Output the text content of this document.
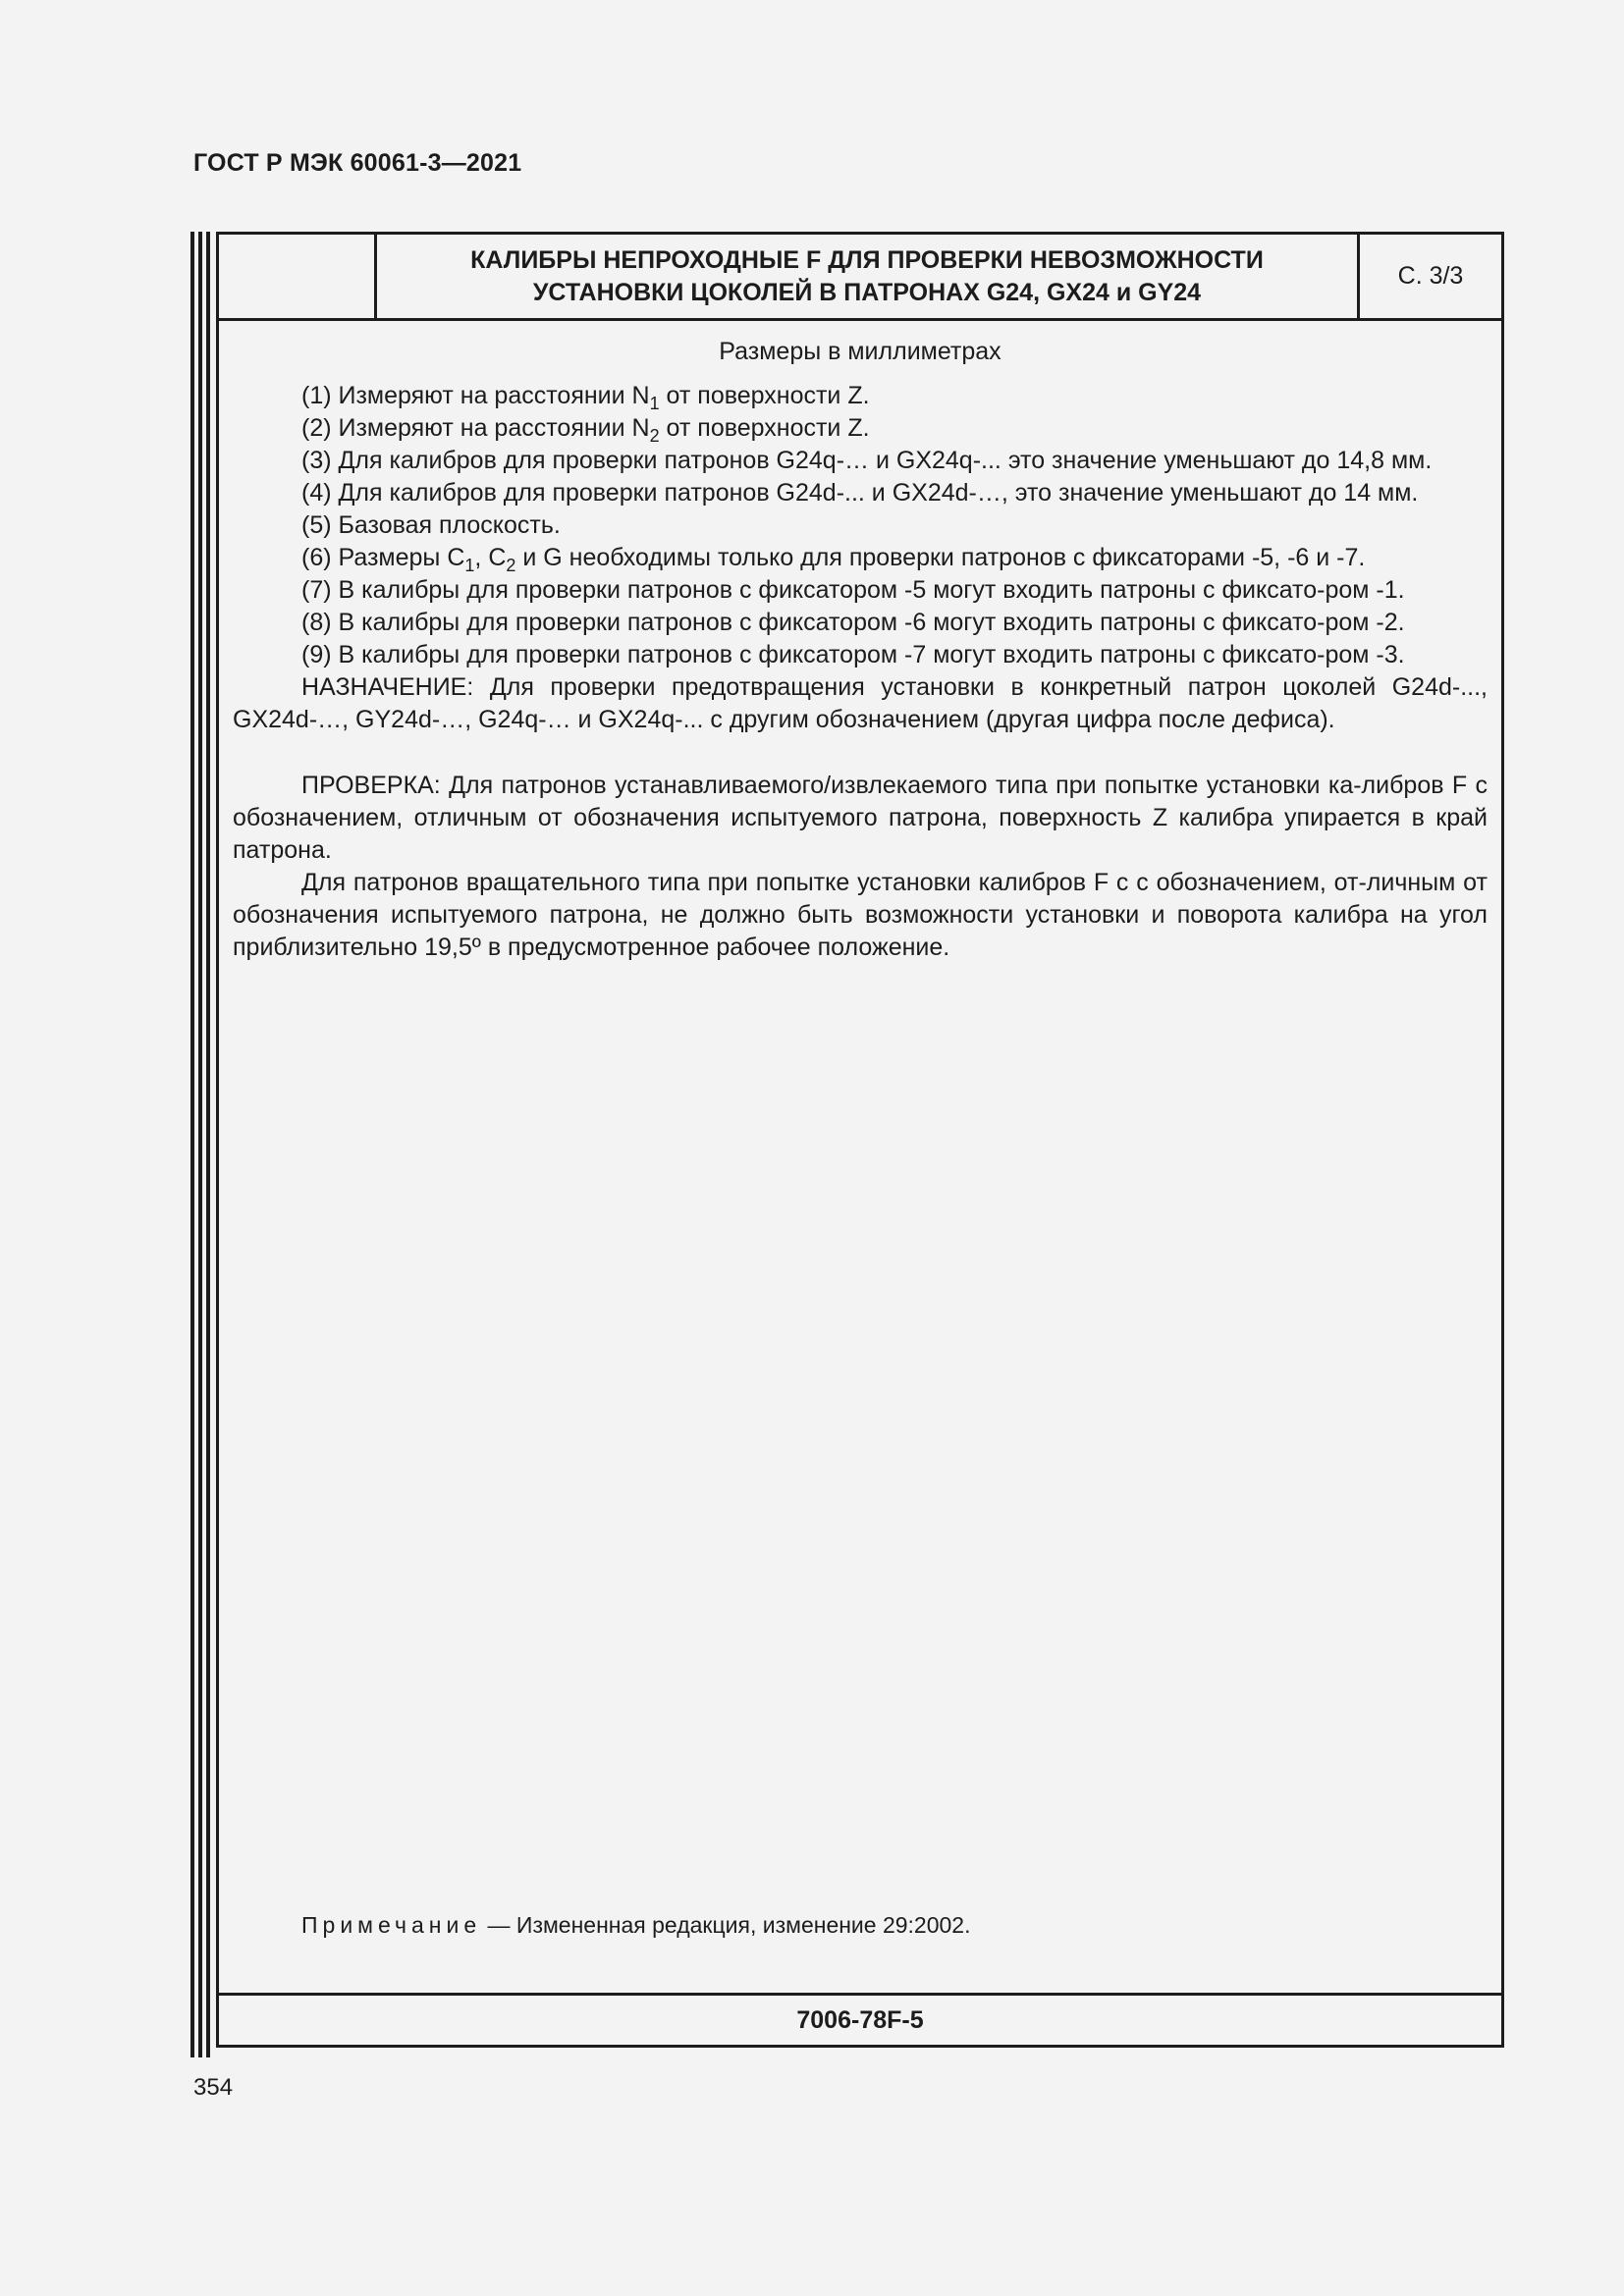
ГОСТ Р МЭК 60061-3—2021
КАЛИБРЫ НЕПРОХОДНЫЕ F ДЛЯ ПРОВЕРКИ НЕВОЗМОЖНОСТИ
УСТАНОВКИ ЦОКОЛЕЙ В ПАТРОНАХ G24, GX24 и GY24
С. 3/3
Размеры в миллиметрах

(1) Измеряют на расстоянии $N_1$ от поверхности Z.

(2) Измеряют на расстоянии $N_2$ от поверхности Z.

(3) Для калибров для проверки патронов G24q-… и GX24q-... это значение уменьшают до 14,8 мм.

(4) Для калибров для проверки патронов G24d-... и GX24d-…, это значение уменьшают до 14 мм.

(5) Базовая плоскость.

(6) Размеры $C_1$, $C_2$ и G необходимы только для проверки патронов с фиксаторами -5, -6 и -7.

(7) В калибры для проверки патронов с фиксатором -5 могут входить патроны с фиксато-ром -1.

(8) В калибры для проверки патронов с фиксатором -6 могут входить патроны с фиксато-ром -2.

(9) В калибры для проверки патронов с фиксатором -7 могут входить патроны с фиксато-ром -3.

НАЗНАЧЕНИЕ: Для проверки предотвращения установки в конкретный патрон цоколей G24d-..., GX24d-…, GY24d-…, G24q-… и GX24q-... с другим обозначением (другая цифра после дефиса).

ПРОВЕРКА: Для патронов устанавливаемого/извлекаемого типа при попытке установки ка-либров F с обозначением, отличным от обозначения испытуемого патрона, поверхность Z калибра упирается в край патрона.

Для патронов вращательного типа при попытке установки калибров F c с обозначением, от-личным от обозначения испытуемого патрона, не должно быть возможности установки и поворота калибра на угол приблизительно 19,5º в предусмотренное рабочее положение.

Примечание — Измененная редакция, изменение 29:2002.
7006-78F-5
354
